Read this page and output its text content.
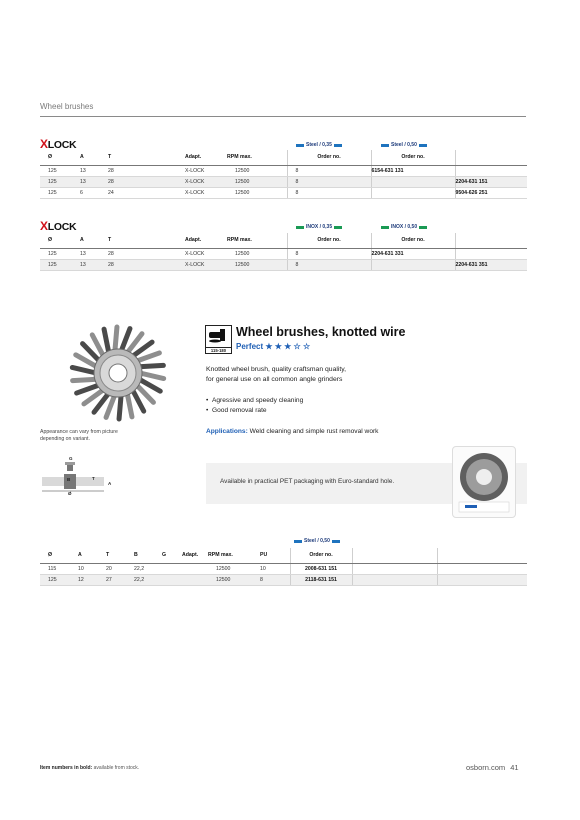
Wheel brushes
XLOCK	Steel / 0,35	Steel / 0,50
Ø	A	T		Adapt.	RPM max.	Order no.	Order no.	
125	13	28		X-LOCK	12500	8	6154-631 131	
125	13	28		X-LOCK	12500	8		2204-631 151
125	6	24		X-LOCK	12500	8		9504-626 251
XLOCK	INOX / 0,35	INOX / 0,50
Ø	A	T		Adapt.	RPM max.	Order no.	Order no.	
125	13	28		X-LOCK	12500	8	2204-631 331	
125	13	28		X-LOCK	12500	8		2204-631 351
115-180
Wheel brushes, knotted wire
Perfect ★ ★ ★ ☆ ☆
Knotted wheel brush, quality craftsman quality,
for general use on all common angle grinders
•  Agressive and speedy cleaning
•  Good removal rate
Applications: Weld cleaning and simple rust removal work
Appearance can vary from picture
depending on variant.
G
Ø
B	T
A	Available in practical PET packaging with Euro-standard hole.
Steel / 0,50
Ø	A	T	B	G	Adapt.	RPM max.	PU	Order no.		
115	10	20	22,2			12500	10	2008-631 151		
125	12	27	22,2			12500	8	2118-631 151		
Item numbers in bold: available from stock.	osborn.com 41
